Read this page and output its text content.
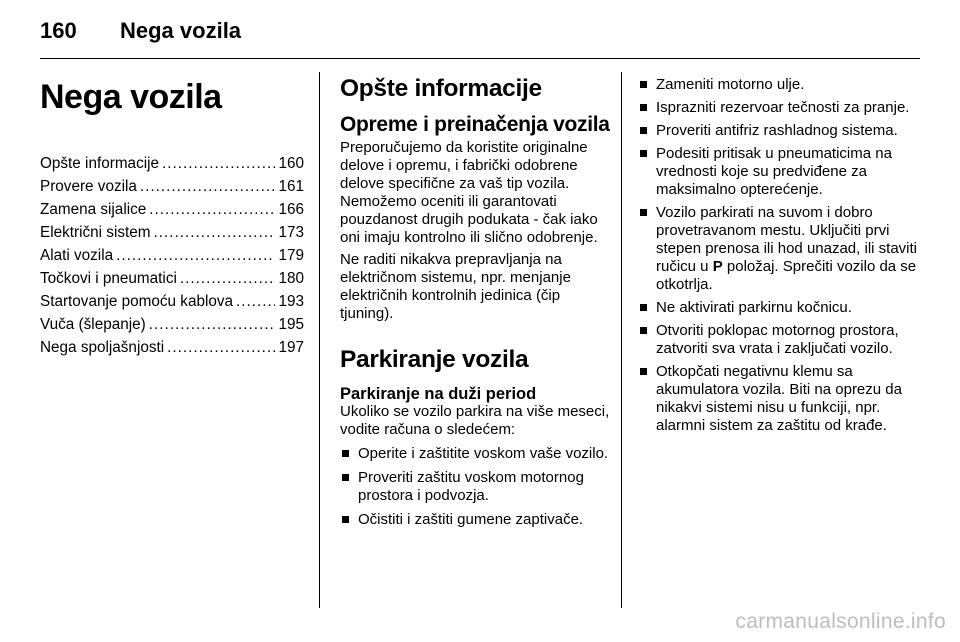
160 Nega vozila
Nega vozila
Opšte informacije .....	160
Provere vozila .....	161
Zamena sijalice .....	166
Električni sistem .....	173
Alati vozila .....	179
Točkovi i pneumatici .....	180
Startovanje pomoću kablova .....	193
Vuča (šlepanje) .....	195
Nega spoljašnjosti .....	197
Opšte informacije
Opreme i preinačenja vozila

Preporučujemo da koristite originalne delove i opremu, i fabrički odobrene delove specifične za vaš tip vozila. Nemožemo oceniti ili garantovati pouzdanost drugih podukata - čak iako oni imaju kontrolno ili slično odobrenje.

Ne raditi nikakva prepravljanja na električnom sistemu, npr. menjanje električnih kontrolnih jedinica (čip tjuning).

Parkiranje vozila
Parkiranje na duži period

Ukoliko se vozilo parkira na više meseci, vodite računa o sledećem:

Operite i zaštitite voskom vaše vozilo.
Proveriti zaštitu voskom motornog prostora i podvozja.
Očistiti i zaštiti gumene zaptivače.
Zameniti motorno ulje.
Isprazniti rezervoar tečnosti za pranje.
Proveriti antifriz rashladnog sistema.
Podesiti pritisak u pneumaticima na vrednosti koje su predviđene za maksimalno opterećenje.
Vozilo parkirati na suvom i dobro provetravanom mestu. Uključiti prvi stepen prenosa ili hod unazad, ili staviti ručicu u P položaj. Sprečiti vozilo da se otkotrlja.
Ne aktivirati parkirnu kočnicu.
Otvoriti poklopac motornog prostora, zatvoriti sva vrata i zaključati vozilo.
Otkopčati negativnu klemu sa akumulatora vozila. Biti na oprezu da nikakvi sistemi nisu u funkciji, npr. alarmni sistem za zaštitu od krađe.
carmanualsonline.info
